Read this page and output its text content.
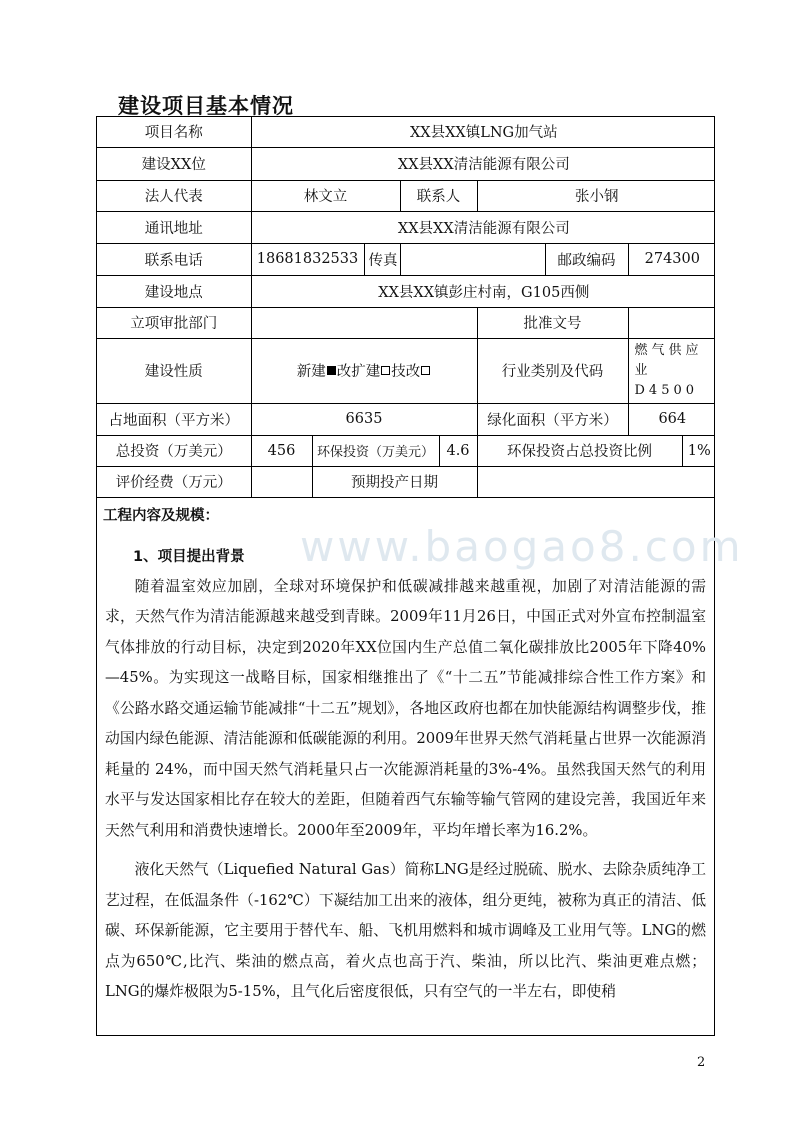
建设项目基本情况
项目名称	XX县XX镇LNG加气站								
建设XX位	XX县XX清洁能源有限公司								
法人代表	林文立			联系人		张小钢			
通讯地址	XX县XX清洁能源有限公司								
联系电话	18681832533		传真				邮政编码	274300	
建设地点	XX县XX镇彭庄村南，G105西侧								
立项审批部门						批准文号			
建设性质	新建 改扩建 技改					行业类别及代码		燃气供应业D4500	
占地面积（平方米）	6635					绿化面积（平方米）		664	
总投资（万美元）	456	环保投资（万美元）			4.6	环保投资占总投资比例			1%
评价经费（万元）		预期投产日期							
工程内容及规模：
1、项目提出背景

随着温室效应加剧，全球对环境保护和低碳减排越来越重视，加剧了对清洁能源的需求，天然气作为清洁能源越来越受到青睐。2009年11月26日，中国正式对外宣布控制温室气体排放的行动目标，决定到2020年XX位国内生产总值二氧化碳排放比2005年下降40%—45%。为实现这一战略目标，国家相继推出了《“十二五”节能减排综合性工作方案》和《公路水路交通运输节能减排“十二五”规划》，各地区政府也都在加快能源结构调整步伐，推动国内绿色能源、清洁能源和低碳能源的利用。2009年世界天然气消耗量占世界一次能源消耗量的 24%，而中国天然气消耗量只占一次能源消耗量的3%-4%。虽然我国天然气的利用水平与发达国家相比存在较大的差距，但随着西气东输等输气管网的建设完善，我国近年来天然气利用和消费快速增长。2000年至2009年，平均年增长率为16.2%。

液化天然气（Liquefied Natural Gas）简称LNG是经过脱硫、脱水、去除杂质纯净工艺过程，在低温条件（-162℃）下凝结加工出来的液体，组分更纯，被称为真正的清洁、低碳、环保新能源，它主要用于替代车、船、飞机用燃料和城市调峰及工业用气等。LNG的燃点为650℃,比汽、柴油的燃点高，着火点也高于汽、柴油，所以比汽、柴油更难点燃；LNG的爆炸极限为5-15%，且气化后密度很低，只有空气的一半左右，即使稍

www.baogao8.com
2
